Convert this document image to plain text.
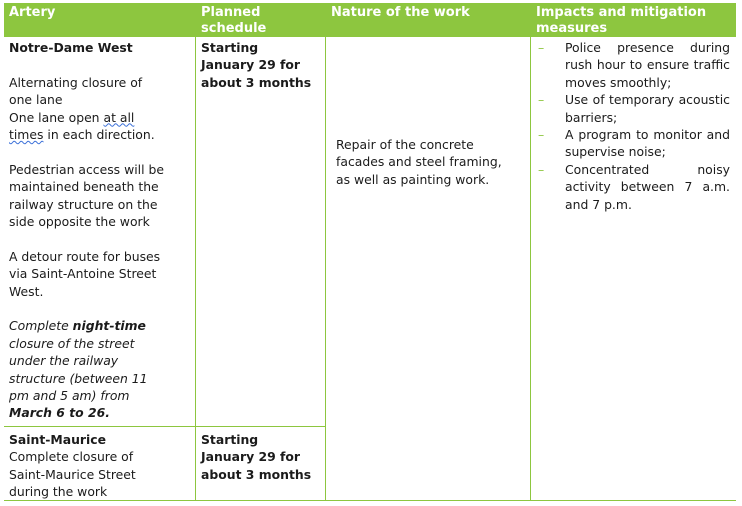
Artery	Planned
schedule
Nature of the work	Impacts and mitigation
measures

Notre-Dame West

Alternating closure of

one lane

One lane open at all

times in each direction.

Pedestrian access will be

maintained beneath the

railway structure on the

side opposite the work

A detour route for buses

via Saint-Antoine Street

West.

Complete night-time

closure of the street

under the railway

structure (between 11

pm and 5 am) from

March 6 to 26.

Starting

January 29 for

about 3 months

Repair of the concrete

facades and steel framing,

as well as painting work.

– Police presence during rush hour to ensure traffic moves smoothly;
– Use of temporary acoustic barriers;
– A program to monitor and supervise noise;
– Concentrated noisy activity between 7 a.m. and 7 p.m.

Saint-Maurice

Complete closure of

Saint-Maurice Street

during the work

Starting

January 29 for

about 3 months
